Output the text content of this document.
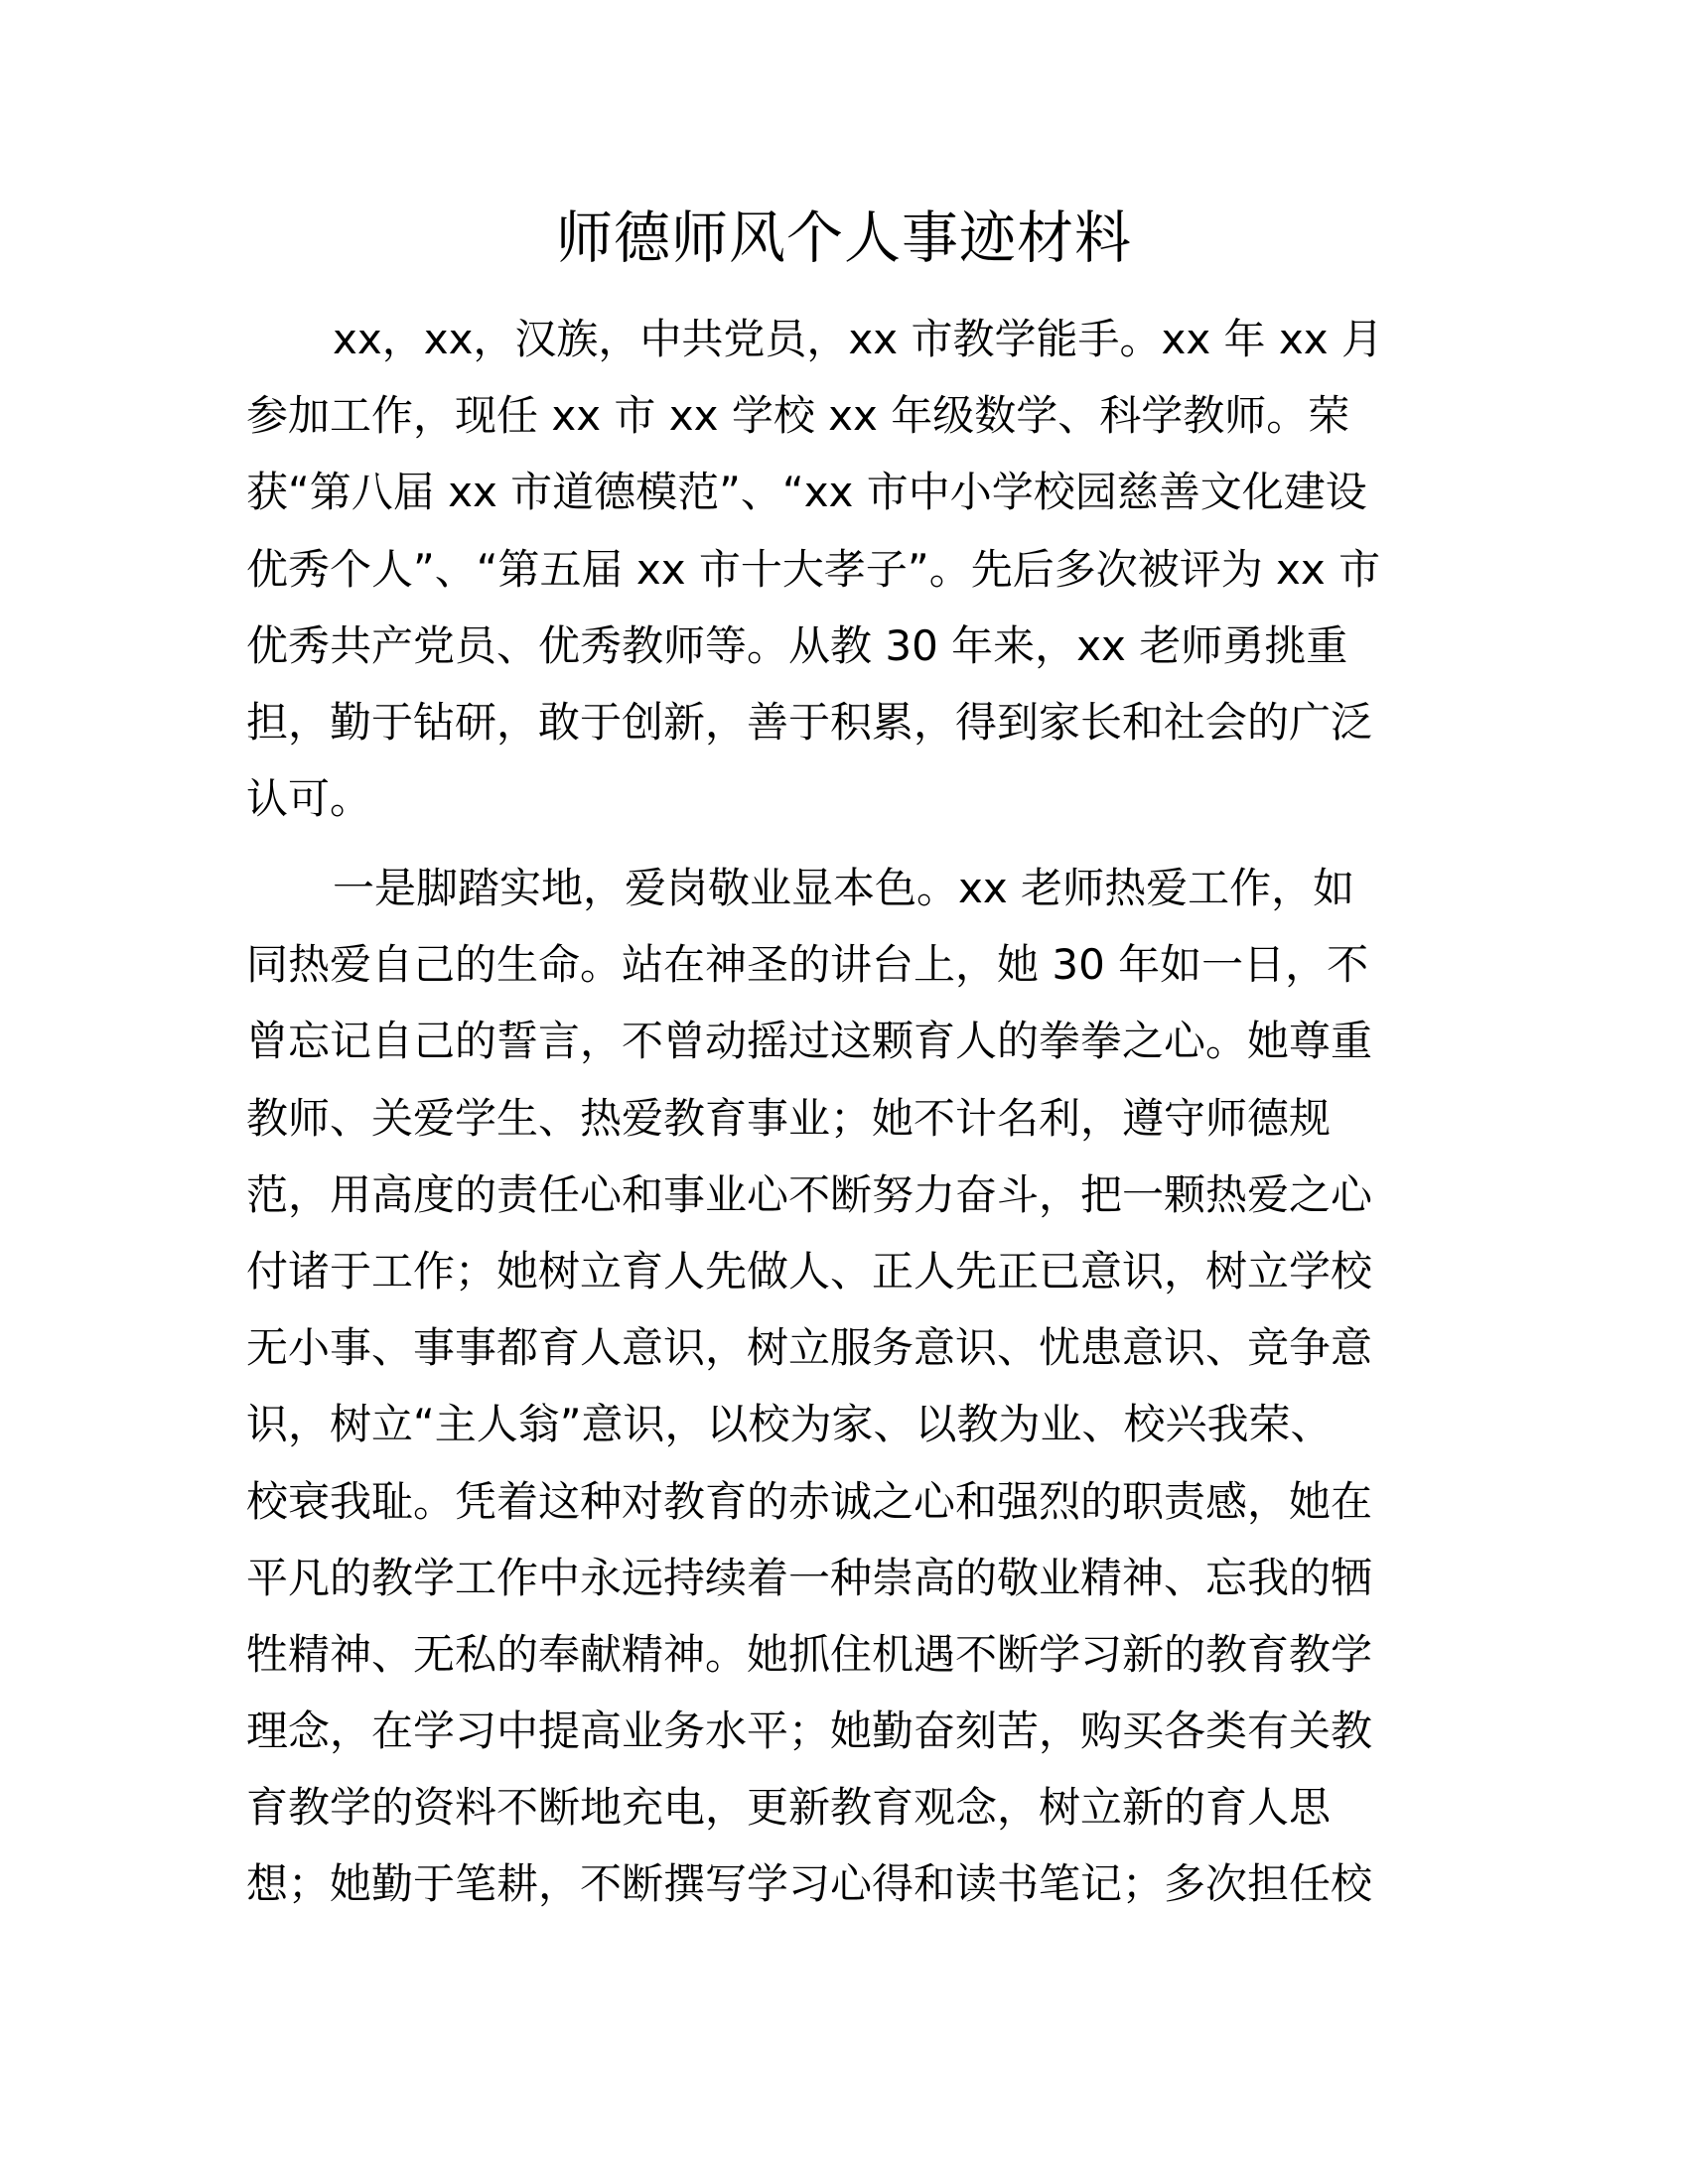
师德师风个人事迹材料
xx，xx，汉族，中共党员，xx 市教学能手。xx 年 xx 月
参加工作，现任 xx 市 xx 学校 xx 年级数学、科学教师。荣
获“第八届 xx 市道德模范”、“xx 市中小学校园慈善文化建设
优秀个人”、“第五届 xx 市十大孝子”。先后多次被评为 xx 市
优秀共产党员、优秀教师等。从教 30 年来，xx 老师勇挑重
担，勤于钻研，敢于创新，善于积累，得到家长和社会的广泛
认可。
一是脚踏实地，爱岗敬业显本色。xx 老师热爱工作，如
同热爱自己的生命。站在神圣的讲台上，她 30 年如一日，不
曾忘记自己的誓言，不曾动摇过这颗育人的拳拳之心。她尊重
教师、关爱学生、热爱教育事业；她不计名利，遵守师德规
范，用高度的责任心和事业心不断努力奋斗，把一颗热爱之心
付诸于工作；她树立育人先做人、正人先正已意识，树立学校
无小事、事事都育人意识，树立服务意识、忧患意识、竞争意
识，树立“主人翁”意识，以校为家、以教为业、校兴我荣、
校衰我耻。凭着这种对教育的赤诚之心和强烈的职责感，她在
平凡的教学工作中永远持续着一种崇高的敬业精神、忘我的牺
牲精神、无私的奉献精神。她抓住机遇不断学习新的教育教学
理念，在学习中提高业务水平；她勤奋刻苦，购买各类有关教
育教学的资料不断地充电，更新教育观念，树立新的育人思
想；她勤于笔耕，不断撰写学习心得和读书笔记；多次担任校
